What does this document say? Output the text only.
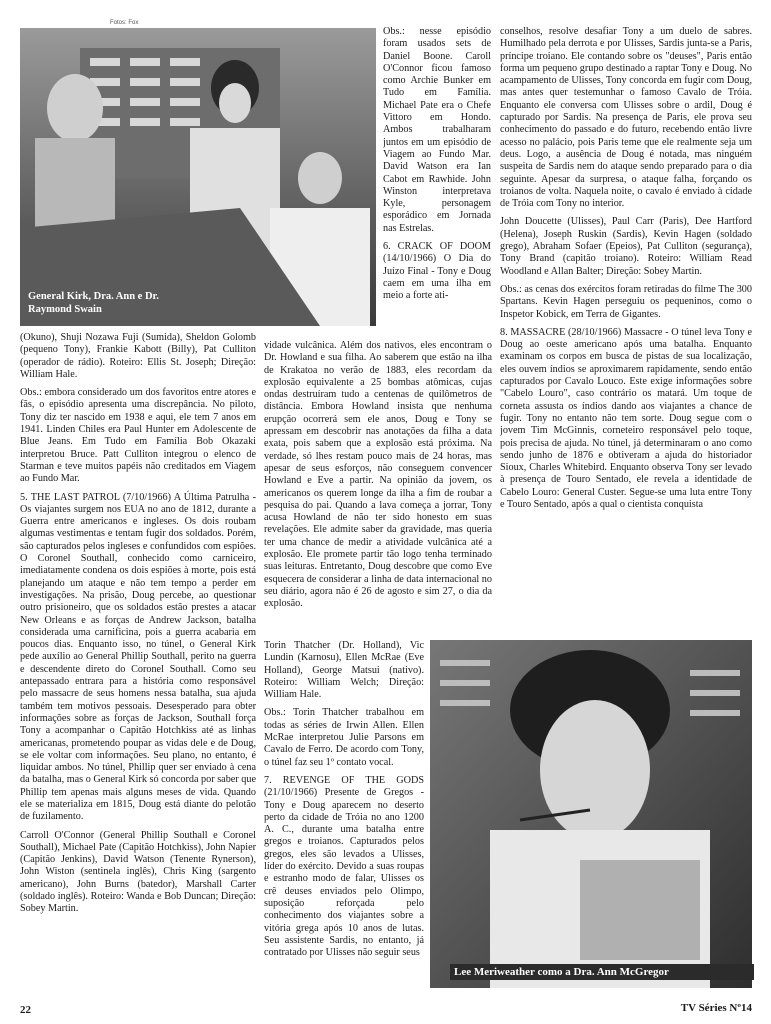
Fotos: Fox
General Kirk, Dra. Ann e Dr. Raymond Swain

Obs.: nesse episódio foram usados sets de Daniel Boone. Caroll O'Connor ficou famoso como Archie Bunker em Tudo em Família. Michael Pate era o Chefe Vittoro em Hondo. Ambos trabalharam juntos em um episódio de Viagem ao Fundo Mar. David Watson era Ian Cabot em Rawhide. John Winston interpretava Kyle, personagem esporádico em Jornada nas Estrelas.

6. CRACK OF DOOM (14/10/1966) O Dia do Juízo Final - Tony e Doug caem em uma ilha em meio a forte ati-

(Okuno), Shuji Nozawa Fuji (Sumida), Sheldon Golomb (pequeno Tony), Frankie Kabott (Billy), Pat Culliton (operador de rádio). Roteiro: Ellis St. Joseph; Direção: William Hale.

Obs.: embora considerado um dos favoritos entre atores e fãs, o episódio apresenta uma discrepância. No piloto, Tony diz ter nascido em 1938 e aqui, ele tem 7 anos em 1941. Linden Chiles era Paul Hunter em Adolescente de Blue Jeans. Em Tudo em Família Bob Okazaki interpretou Bruce. Patt Culliton integrou o elenco de Starman e teve muitos papéis não creditados em Viagem ao Fundo Mar.

5. THE LAST PATROL (7/10/1966) A Última Patrulha - Os viajantes surgem nos EUA no ano de 1812, durante a Guerra entre americanos e ingleses. Os dois roubam algumas vestimentas e tentam fugir dos soldados. Porém, são capturados pelos ingleses e confundidos com espiões. O Coronel Southall, conhecido como carniceiro, imediatamente condena os dois espiões à morte, pois está planejando um ataque e não tem tempo a perder em investigações. Na prisão, Doug percebe, ao questionar outro prisioneiro, que os soldados estão prestes a atacar New Orleans e as forças de Andrew Jackson, batalha considerada uma carnificina, pois a guerra acabaria em poucos dias. Enquanto isso, no túnel, o General Kirk pede auxílio ao General Phillip Southall, perito na guerra e descendente direto do Coronel Southall. Como seu antepassado entrara para a história como responsável pelo massacre de seus homens nessa batalha, sua ajuda também tem motivos pessoais. Desesperado para obter informações sobre as forças de Jackson, Southall força Tony a acompanhar o Capitão Hotchkiss até as linhas americanas, prometendo poupar as vidas dele e de Doug, se ele voltar com informações. Seu plano, no entanto, é liquidar ambos. No túnel, Phillip quer ser enviado à cena da batalha, mas o General Kirk só concorda por saber que Phillip tem apenas mais alguns meses de vida. Quando ele se materializa em 1815, Doug está diante do pelotão de fuzilamento.

Carroll O'Connor (General Phillip Southall e Coronel Southall), Michael Pate (Capitão Hotchkiss), John Napier (Capitão Jenkins), David Watson (Tenente Rynerson), John Wiston (sentinela inglês), Chris King (sargento americano), John Burns (batedor), Marshall Carter (soldado inglês). Roteiro: Wanda e Bob Duncan; Direção: Sobey Martin.

vidade vulcânica. Além dos nativos, eles encontram o Dr. Howland e sua filha. Ao saberem que estão na ilha de Krakatoa no verão de 1883, eles recordam da explosão equivalente a 25 bombas atômicas, cujas ondas destruíram tudo a centenas de quilômetros de distância. Embora Howland insista que nenhuma erupção ocorrerá sem ele anos, Doug e Tony se apressam em descobrir nas anotações da filha a data exata, pois sabem que a explosão está próxima. Na verdade, só lhes restam pouco mais de 24 horas, mas apesar de seus esforços, não conseguem convencer Howland e Eve a partir. Na opinião da jovem, os americanos os querem longe da ilha a fim de roubar a pesquisa do pai. Quando a lava começa a jorrar, Tony acusa Howland de não ter sido honesto em suas revelações. Ele admite saber da gravidade, mas queria ter uma chance de medir a atividade vulcânica até a explosão. Ele promete partir tão logo tenha terminado suas leituras. Entretanto, Doug descobre que como Eve esquecera de considerar a linha de data internacional no seu diário, agora não é 26 de agosto e sim 27, o dia da explosão.

Torin Thatcher (Dr. Holland), Vic Lundin (Karnosu), Ellen McRae (Eve Holland), George Matsui (nativo). Roteiro: William Welch; Direção: William Hale.

Obs.: Torin Thatcher trabalhou em todas as séries de Irwin Allen. Ellen McRae interpretou Julie Parsons em Cavalo de Ferro. De acordo com Tony, o túnel faz seu 1º contato vocal.

7. REVENGE OF THE GODS (21/10/1966) Presente de Gregos - Tony e Doug aparecem no deserto perto da cidade de Tróia no ano 1200 A. C., durante uma batalha entre gregos e troianos. Capturados pelos gregos, eles são levados a Ulisses, líder do exército. Devido a suas roupas e estranho modo de falar, Ulisses os crê deuses enviados pelo Olimpo, suposição reforçada pelo conhecimento dos viajantes sobre a vitória grega após 10 anos de lutas. Seu assistente Sardis, no entanto, já contratado por Ulisses não seguir seus

conselhos, resolve desafiar Tony a um duelo de sabres. Humilhado pela derrota e por Ulisses, Sardis junta-se a Paris, príncipe troiano. Ele contando sobre os "deuses", Paris então forma um pequeno grupo destinado a raptar Tony e Doug. No acampamento de Ulisses, Tony concorda em fugir com Doug, mas antes quer testemunhar o famoso Cavalo de Tróia. Enquanto ele conversa com Ulisses sobre o ardil, Doug é capturado por Sardis. Na presença de Paris, ele prova seu conhecimento do passado e do futuro, recebendo então livre acesso no palácio, pois Paris teme que ele realmente seja um deus. Logo, a ausência de Doug é notada, mas ninguém suspeita de Sardis nem do ataque sendo preparado para o dia seguinte. Apesar da surpresa, o ataque falha, forçando os troianos de volta. Naquela noite, o cavalo é enviado à cidade de Tróia com Tony no interior.

John Doucette (Ulisses), Paul Carr (Paris), Dee Hartford (Helena), Joseph Ruskin (Sardis), Kevin Hagen (soldado grego), Abraham Sofaer (Epeios), Pat Culliton (segurança), Tony Brand (capitão troiano). Roteiro: William Read Woodland e Allan Balter; Direção: Sobey Martin.

Obs.: as cenas dos exércitos foram retiradas do filme The 300 Spartans. Kevin Hagen perseguiu os pequeninos, como o Inspetor Kobick, em Terra de Gigantes.

8. MASSACRE (28/10/1966) Massacre - O túnel leva Tony e Doug ao oeste americano após uma batalha. Enquanto examinam os corpos em busca de pistas de sua localização, eles ouvem índios se aproximarem rapidamente, sendo então capturados por Cavalo Louco. Este exige informações sobre "Cabelo Louro", caso contrário os matará. Um toque de corneta assusta os índios dando aos viajantes a chance de fugir. Tony no entanto não tem sorte. Doug segue com o jovem Tim McGinnis, corneteiro responsável pelo toque, pois precisa de ajuda. No túnel, já determinaram o ano como sendo junho de 1876 e obtiveram a ajuda do historiador Sioux, Charles Whitebird. Enquanto observa Tony ser levado à presença de Touro Sentado, ele revela a identidade de Cabelo Louro: General Custer. Segue-se uma luta entre Tony e Touro Sentado, após a qual o cientista conquista

Lee Meriweather como a Dra. Ann McGregor
22	TV Séries Nº14
